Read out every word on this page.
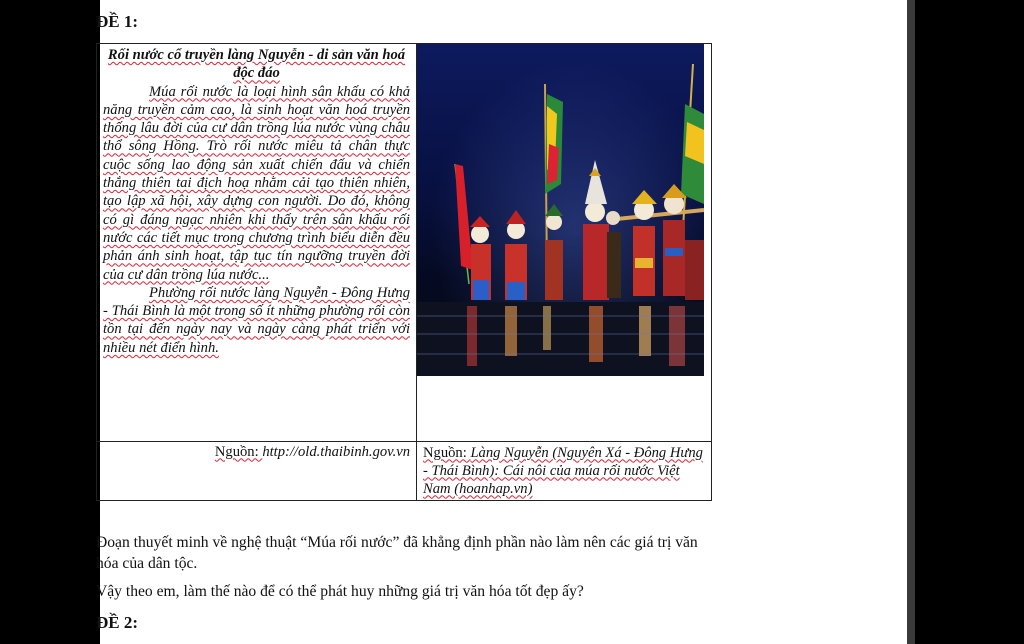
ĐỀ 1:
Rối nước cổ truyền làng Nguyễn - di sản văn hoá độc đáo

Múa rối nước là loại hình sân khấu có khả năng truyền cảm cao, là sinh hoạt văn hoá truyền thống lâu đời của cư dân trồng lúa nước vùng châu thổ sông Hồng. Trò rối nước miêu tả chân thực cuộc sống lao động sản xuất chiến đấu và chiến thắng thiên tai địch hoạ nhằm cải tạo thiên nhiên, tạo lập xã hội, xây dựng con người. Do đó, không có gì đáng ngạc nhiên khi thấy trên sân khấu rối nước các tiết mục trong chương trình biểu diễn đều phản ánh sinh hoạt, tập tục tín ngưỡng truyền đời của cư dân trồng lúa nước...

Phường rối nước làng Nguyễn - Đông Hưng - Thái Bình là một trong số ít những phường rối còn tồn tại đến ngày nay và ngày càng phát triển với nhiều nét điển hình.

Nguồn: http://old.thaibinh.gov.vn	Nguồn: Làng Nguyễn (Nguyên Xá - Đông Hưng - Thái Bình): Cái nôi của múa rối nước Việt Nam (hoanhap.vn)

Đoạn thuyết minh về nghệ thuật “Múa rối nước” đã khẳng định phần nào làm nên các giá trị văn hóa của dân tộc.

Vậy theo em, làm thế nào để có thể phát huy những giá trị văn hóa tốt đẹp ấy?

ĐỀ 2:
